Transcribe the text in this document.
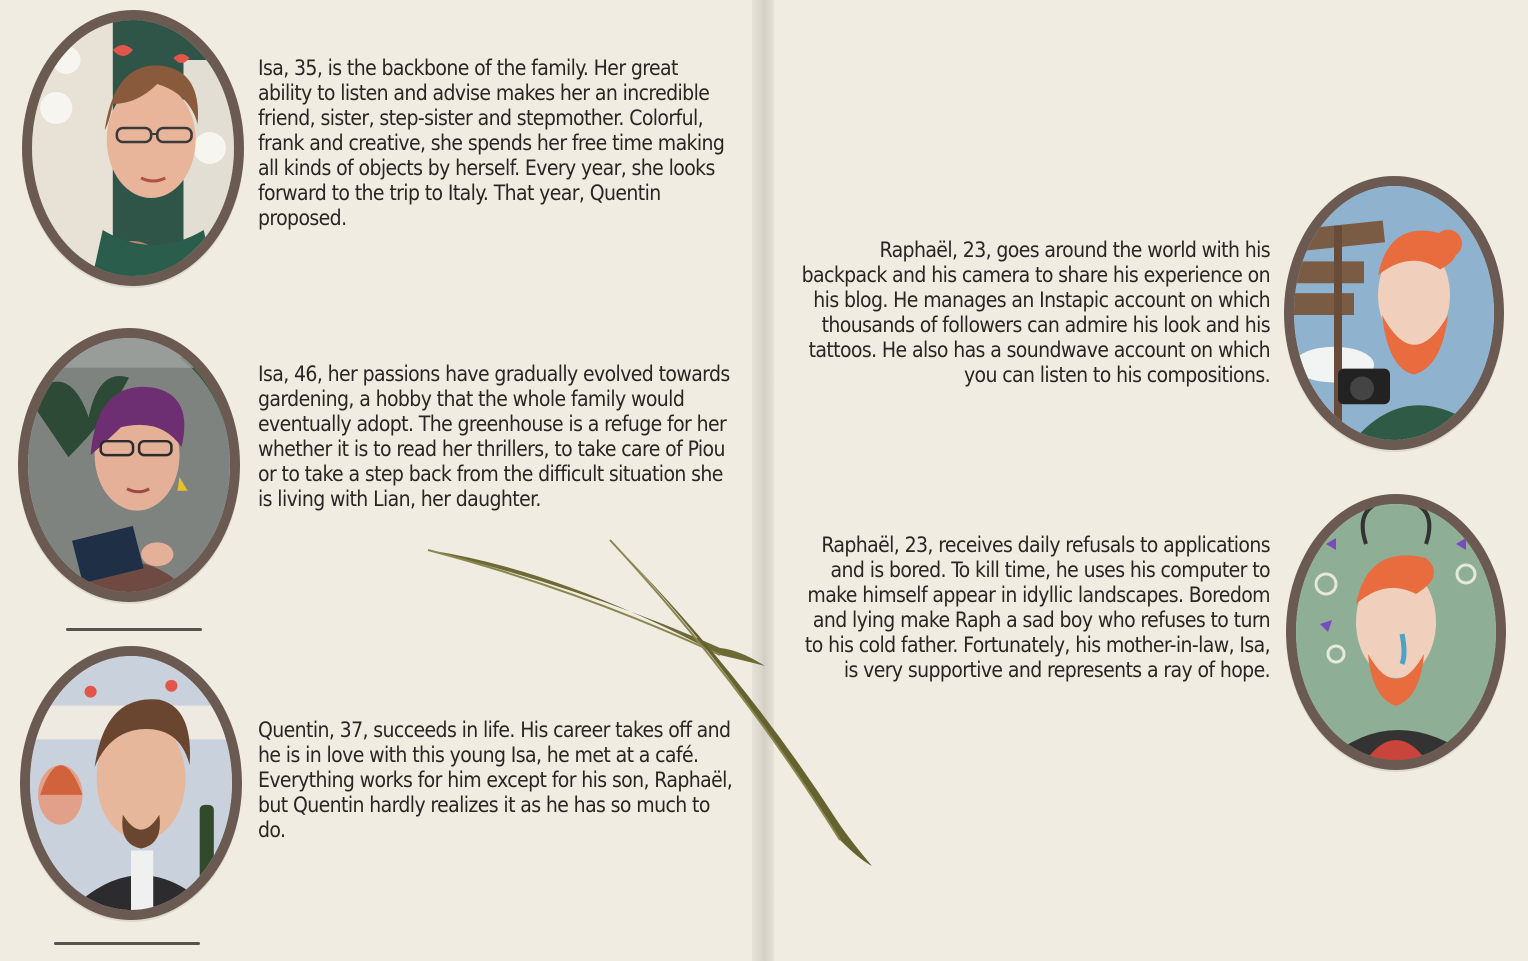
Isa, 35, is the backbone of the family. Her great ability to listen and advise makes her an incredible friend, sister, step-sister and stepmother. Colorful, frank and creative, she spends her free time making all kinds of objects by herself. Every year, she looks forward to the trip to Italy. That year, Quentin proposed.
Isa, 46, her passions have gradually evolved towards gardening, a hobby that the whole family would eventually adopt. The greenhouse is a refuge for her whether it is to read her thrillers, to take care of Piou or to take a step back from the difficult situation she is living with Lian, her daughter.
Quentin, 37, succeeds in life. His career takes off and he is in love with this young Isa, he met at a café. Everything works for him except for his son, Raphaël, but Quentin hardly realizes it as he has so much to do.
Raphaël, 23, goes around the world with his backpack and his camera to share his experience on his blog. He manages an Instapic account on which thousands of followers can admire his look and his tattoos. He also has a soundwave account on which you can listen to his compositions.
Raphaël, 23, receives daily refusals to applications and is bored. To kill time, he uses his computer to make himself appear in idyllic landscapes. Boredom and lying make Raph a sad boy who refuses to turn to his cold father. Fortunately, his mother-in-law, Isa, is very supportive and represents a ray of hope.
